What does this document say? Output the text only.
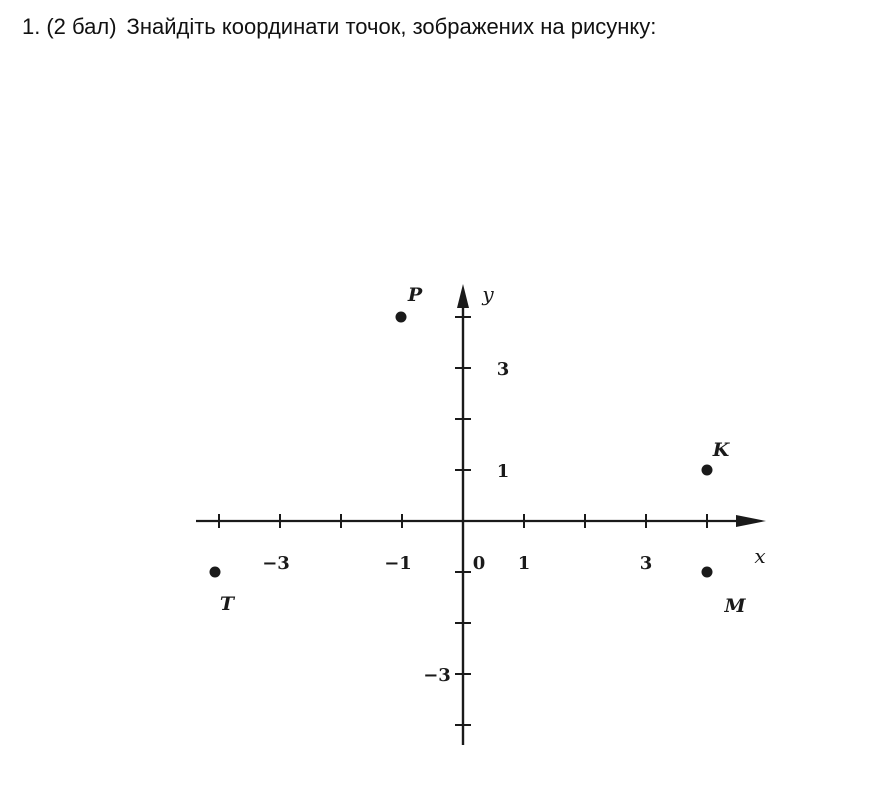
1. (2 бал) Знайдіть координати точок, зображених на рисунку:

−3	−1	1	3
3
1
−3
0	x
y
P
K
M
T
